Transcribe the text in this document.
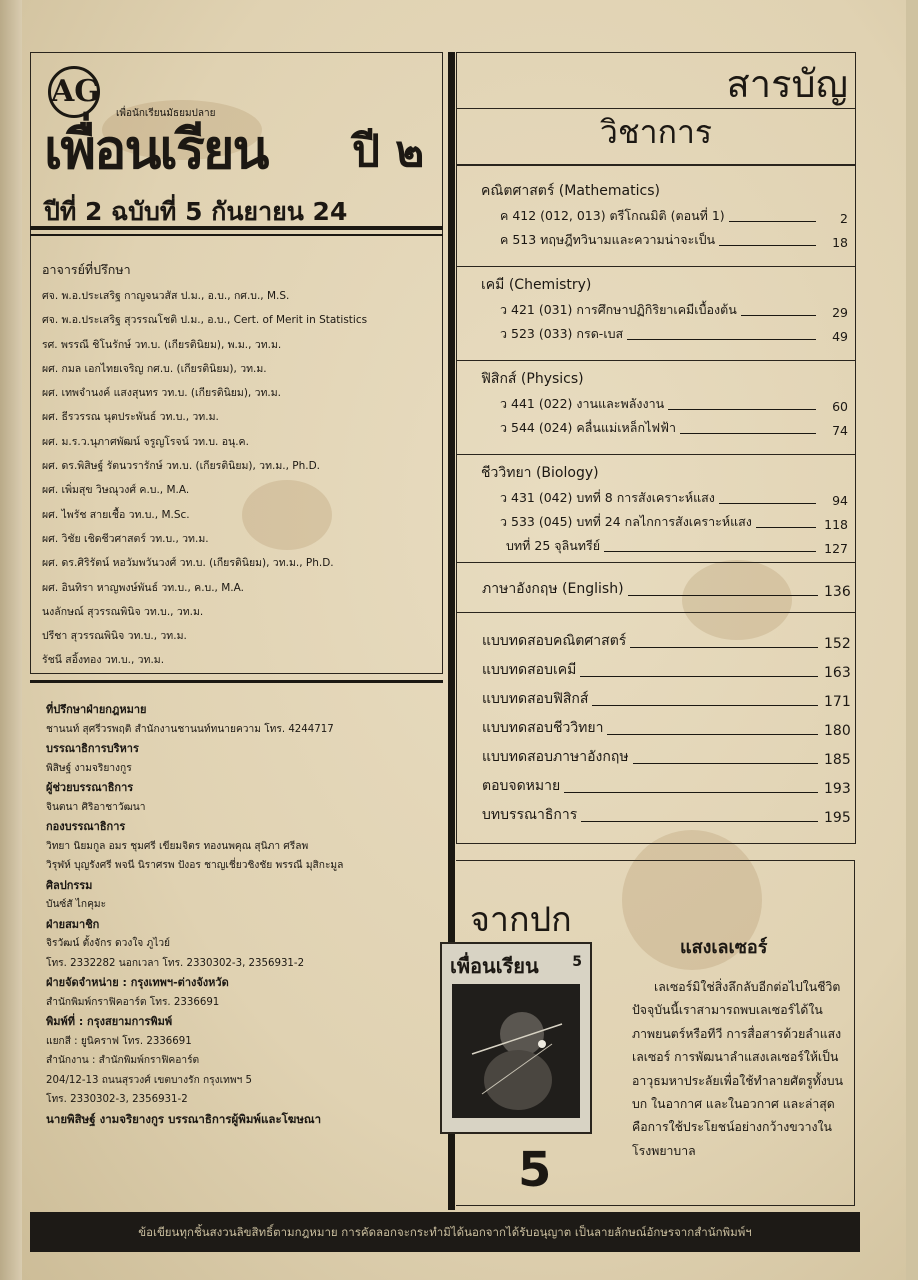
AG
เพื่อนักเรียนมัธยมปลาย
เพื่อนเรียน ปี ๒
ปีที่ 2 ฉบับที่ 5 กันยายน 24
อาจารย์ที่ปรึกษา
ศจ. พ.อ.ประเสริฐ กาญจนวสัส ป.ม., อ.บ., กศ.บ., M.S.
ศจ. พ.อ.ประเสริฐ สุวรรณโชติ ป.ม., อ.บ., Cert. of Merit in Statistics
รศ. พรรณี ชิโนรักษ์ วท.บ. (เกียรตินิยม), พ.ม., วท.ม.
ผศ. กมล เอกไทยเจริญ กศ.บ. (เกียรตินิยม), วท.ม.
ผศ. เทพจำนงค์ แสงสุนทร วท.บ. (เกียรตินิยม), วท.ม.
ผศ. ธีรวรรณ นุตประพันธ์ วท.บ., วท.ม.
ผศ. ม.ร.ว.นุภาศพัฒน์ จรูญโรจน์ วท.บ. อนุ.ค.
ผศ. ดร.พิสิษฐ์ รัตนวรารักษ์ วท.บ. (เกียรตินิยม), วท.ม., Ph.D.
ผศ. เพิ่มสุข วิษณุวงศ์ ค.บ., M.A.
ผศ. ไพรัช สายเชื้อ วท.บ., M.Sc.
ผศ. วิชัย เชิดชีวศาสตร์ วท.บ., วท.ม.
ผศ. ดร.ศิริรัตน์ หอวัมพวันวงศ์ วท.บ. (เกียรตินิยม), วท.ม., Ph.D.
ผศ. อินทิรา หาญพงษ์พันธ์ วท.บ., ค.บ., M.A.
นงลักษณ์ สุวรรณพินิจ วท.บ., วท.ม.
ปรีชา สุวรรณพินิจ วท.บ., วท.ม.
รัชนี สอิ้งทอง วท.บ., วท.ม.
ที่ปรึกษาฝ่ายกฎหมาย
ชานนท์ สุศรีวรพฤติ สำนักงานชานนท์ทนายความ โทร. 4244717
บรรณาธิการบริหาร
พิสิษฐ์ งามจริยางกูร
ผู้ช่วยบรรณาธิการ
จินตนา ศิริอาชาวัฒนา
กองบรรณาธิการ
วิทยา นิยมกูล อมร ชุมศรี เขียมจิตร ทองนพคุณ สุนิภา ศรีลพ
วิรุฬห์ บุญรังศรี พจนี นิราศรพ ปังอร ชาญเชี่ยวชิงชัย พรรณี มุสิกะมูล
ศิลปกรรม
บันซ์สั ไกคุมะ
ฝ่ายสมาชิก
จิรวัฒน์ ตั้งจักร ดวงใจ ภูไวย์
โทร. 2332282 นอกเวลา โทร. 2330302-3, 2356931-2
ฝ่ายจัดจำหน่าย : กรุงเทพฯ-ต่างจังหวัด
สำนักพิมพ์กราฟิคอาร์ต โทร. 2336691
พิมพ์ที่ : กรุงสยามการพิมพ์
แยกสี : ยูนิคราฟ โทร. 2336691
สำนักงาน : สำนักพิมพ์กราฟิคอาร์ต
204/12-13 ถนนสุรวงศ์ เขตบางรัก กรุงเทพฯ 5
โทร. 2330302-3, 2356931-2
นายพิสิษฐ์ งามจริยางกูร บรรณาธิการผู้พิมพ์และโฆษณา
สารบัญ
วิชาการ
คณิตศาสตร์ (Mathematics)
ค 412 (012, 013) ตรีโกณมิติ (ตอนที่ 1)	2
ค 513 ทฤษฎีทวินามและความน่าจะเป็น	18
เคมี (Chemistry)
ว 421 (031) การศึกษาปฏิกิริยาเคมีเบื้องต้น	29
ว 523 (033) กรด-เบส	49
ฟิสิกส์ (Physics)
ว 441 (022) งานและพลังงาน	60
ว 544 (024) คลื่นแม่เหล็กไฟฟ้า	74
ชีววิทยา (Biology)
ว 431 (042) บทที่ 8 การสังเคราะห์แสง	94
ว 533 (045) บทที่ 24 กลไกการสังเคราะห์แสง	118
บทที่ 25 จุลินทรีย์	127
ภาษาอังกฤษ (English)	136
แบบทดสอบคณิตศาสตร์	152
แบบทดสอบเคมี	163
แบบทดสอบฟิสิกส์	171
แบบทดสอบชีววิทยา	180
แบบทดสอบภาษาอังกฤษ	185
ตอบจดหมาย	193
บทบรรณาธิการ	195
จากปก
เพื่อนเรียน 5
5
แสงเลเซอร์
เลเซอร์มิใช่สิ่งลึกลับอีกต่อไปในชีวิตปัจจุบันนี้เราสามารถพบเลเซอร์ได้ในภาพยนตร์หรือทีวี การสื่อสารด้วยลำแสงเลเซอร์ การพัฒนาลำแสงเลเซอร์ให้เป็นอาวุธมหาประลัยเพื่อใช้ทำลายศัตรูทั้งบนบก ในอากาศ และในอวกาศ และล่าสุดคือการใช้ประโยชน์อย่างกว้างขวางในโรงพยาบาล
ข้อเขียนทุกชิ้นสงวนลิขสิทธิ์ตามกฎหมาย การคัดลอกจะกระทำมิได้นอกจากได้รับอนุญาต เป็นลายลักษณ์อักษรจากสำนักพิมพ์ฯ
